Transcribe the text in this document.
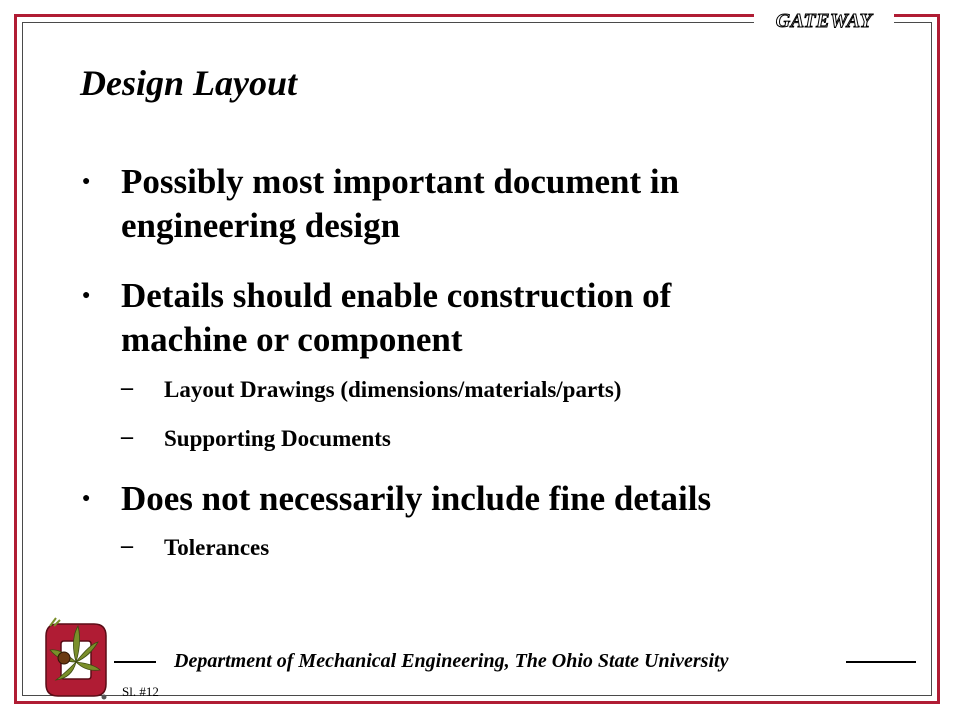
GATEWAY
Design Layout
● Possibly most important document in
engineering design
● Details should enable construction of
machine or component
– Layout Drawings (dimensions/materials/parts)
– Supporting Documents
● Does not necessarily include fine details
– Tolerances
Department of Mechanical Engineering, The Ohio State University
Sl. #12
